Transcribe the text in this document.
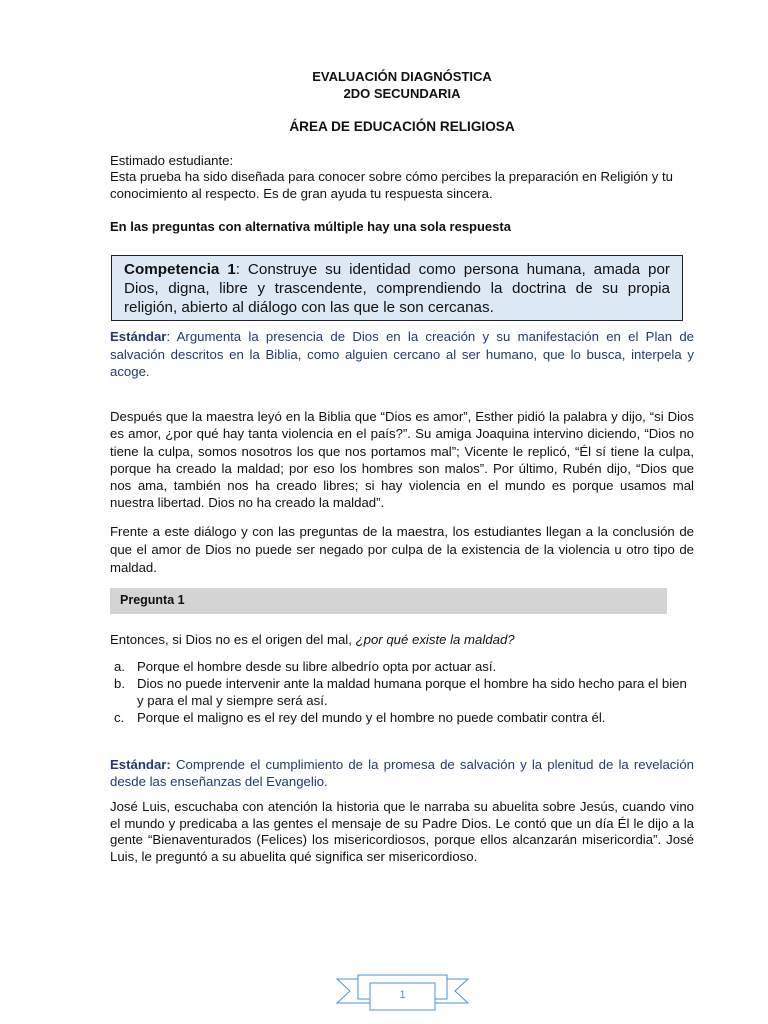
EVALUACIÓN DIAGNÓSTICA
2DO SECUNDARIA
ÁREA DE EDUCACIÓN RELIGIOSA
Estimado estudiante:
Esta prueba ha sido diseñada para conocer sobre cómo percibes la preparación en Religión y tu conocimiento al respecto. Es de gran ayuda tu respuesta sincera.
En las preguntas con alternativa múltiple hay una sola respuesta
Competencia 1: Construye su identidad como persona humana, amada por Dios, digna, libre y trascendente, comprendiendo la doctrina de su propia religión, abierto al diálogo con las que le son cercanas.
Estándar: Argumenta la presencia de Dios en la creación y su manifestación en el Plan de salvación descritos en la Biblia, como alguien cercano al ser humano, que lo busca, interpela y acoge.
Después que la maestra leyó en la Biblia que “Dios es amor”, Esther pidió la palabra y dijo, “si Dios es amor, ¿por qué hay tanta violencia en el país?”. Su amiga Joaquina intervino diciendo, “Dios no tiene la culpa, somos nosotros los que nos portamos mal”; Vicente le replicó, “Él sí tiene la culpa, porque ha creado la maldad; por eso los hombres son malos”. Por último, Rubén dijo, “Dios que nos ama, también nos ha creado libres; si hay violencia en el mundo es porque usamos mal nuestra libertad. Dios no ha creado la maldad”.
Frente a este diálogo y con las preguntas de la maestra, los estudiantes llegan a la conclusión de que el amor de Dios no puede ser negado por culpa de la existencia de la violencia u otro tipo de maldad.
Pregunta 1
Entonces, si Dios no es el origen del mal, ¿por qué existe la maldad?
a. Porque el hombre desde su libre albedrío opta por actuar así.
b. Dios no puede intervenir ante la maldad humana porque el hombre ha sido hecho para el bien y para el mal y siempre será así.
c. Porque el maligno es el rey del mundo y el hombre no puede combatir contra él.
Estándar: Comprende el cumplimiento de la promesa de salvación y la plenitud de la revelación desde las enseñanzas del Evangelio.
José Luis, escuchaba con atención la historia que le narraba su abuelita sobre Jesús, cuando vino el mundo y predicaba a las gentes el mensaje de su Padre Dios. Le contó que un día Él le dijo a la gente “Bienaventurados (Felices) los misericordiosos, porque ellos alcanzarán misericordia”. José Luis, le preguntó a su abuelita qué significa ser misericordioso.
1
